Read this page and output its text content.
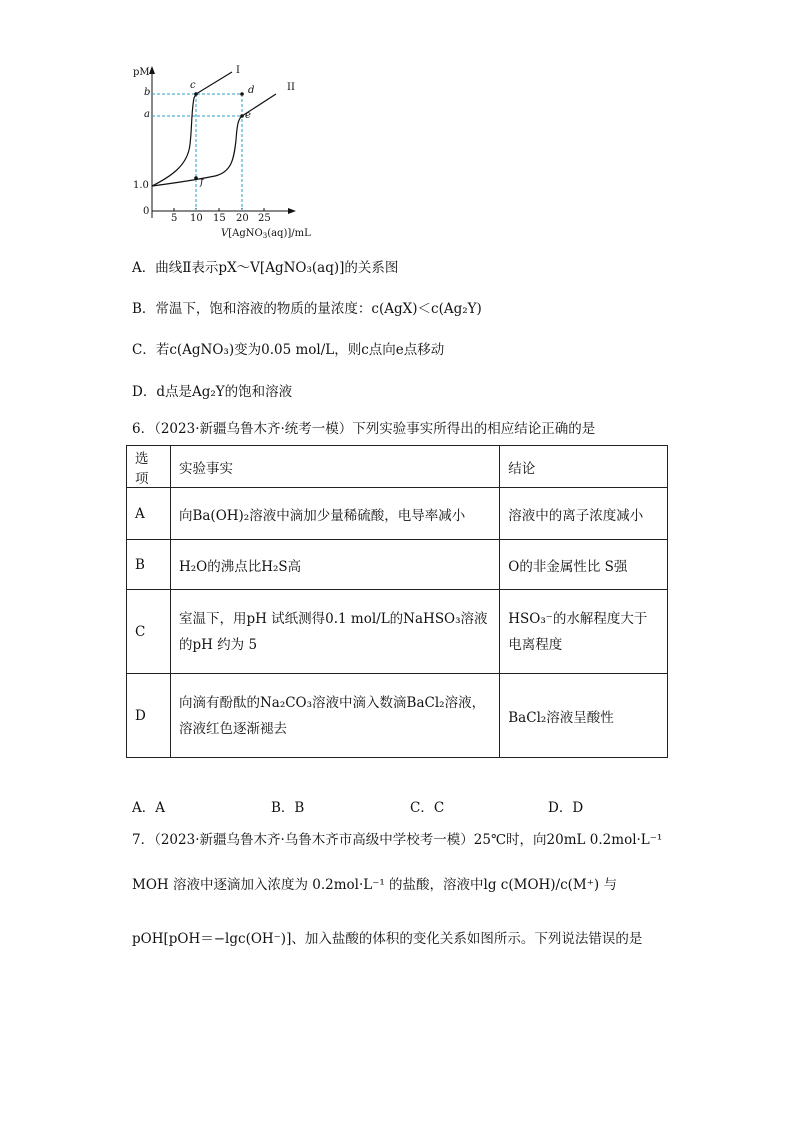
pM
b
a
1.0
0
5 10 15 20 25
V[AgNO$_3$(aq)]/mL
I
II
c	d
e
f
A．曲线Ⅱ表示pX～V[AgNO₃(aq)]的关系图
B．常温下，饱和溶液的物质的量浓度：c(AgX)＜c(Ag₂Y)
C．若c(AgNO₃)变为0.05 mol/L，则c点向e点移动
D．d点是Ag₂Y的饱和溶液
6．（2023·新疆乌鲁木齐·统考一模）下列实验事实所得出的相应结论正确的是
选项	实验事实	结论
A	向Ba(OH)₂溶液中滴加少量稀硫酸，电导率减小	溶液中的离子浓度减小
B	H₂O的沸点比H₂S高	O的非金属性比 S强
C	室温下，用pH 试纸测得0.1 mol/L的NaHSO₃溶液的pH 约为 5	HSO₃⁻的水解程度大于电离程度
D	向滴有酚酞的Na₂CO₃溶液中滴入数滴BaCl₂溶液，溶液红色逐渐褪去	BaCl₂溶液呈酸性
A．A	B．B	C．C	D．D
7．（2023·新疆乌鲁木齐·乌鲁木齐市高级中学校考一模）25℃时，向20mL 0.2mol·L⁻¹
MOH 溶液中逐滴加入浓度为 0.2mol·L⁻¹ 的盐酸，溶液中lg c(MOH)/c(M⁺) 与
pOH[pOH＝−lgc(OH⁻)]、加入盐酸的体积的变化关系如图所示。下列说法错误的是
